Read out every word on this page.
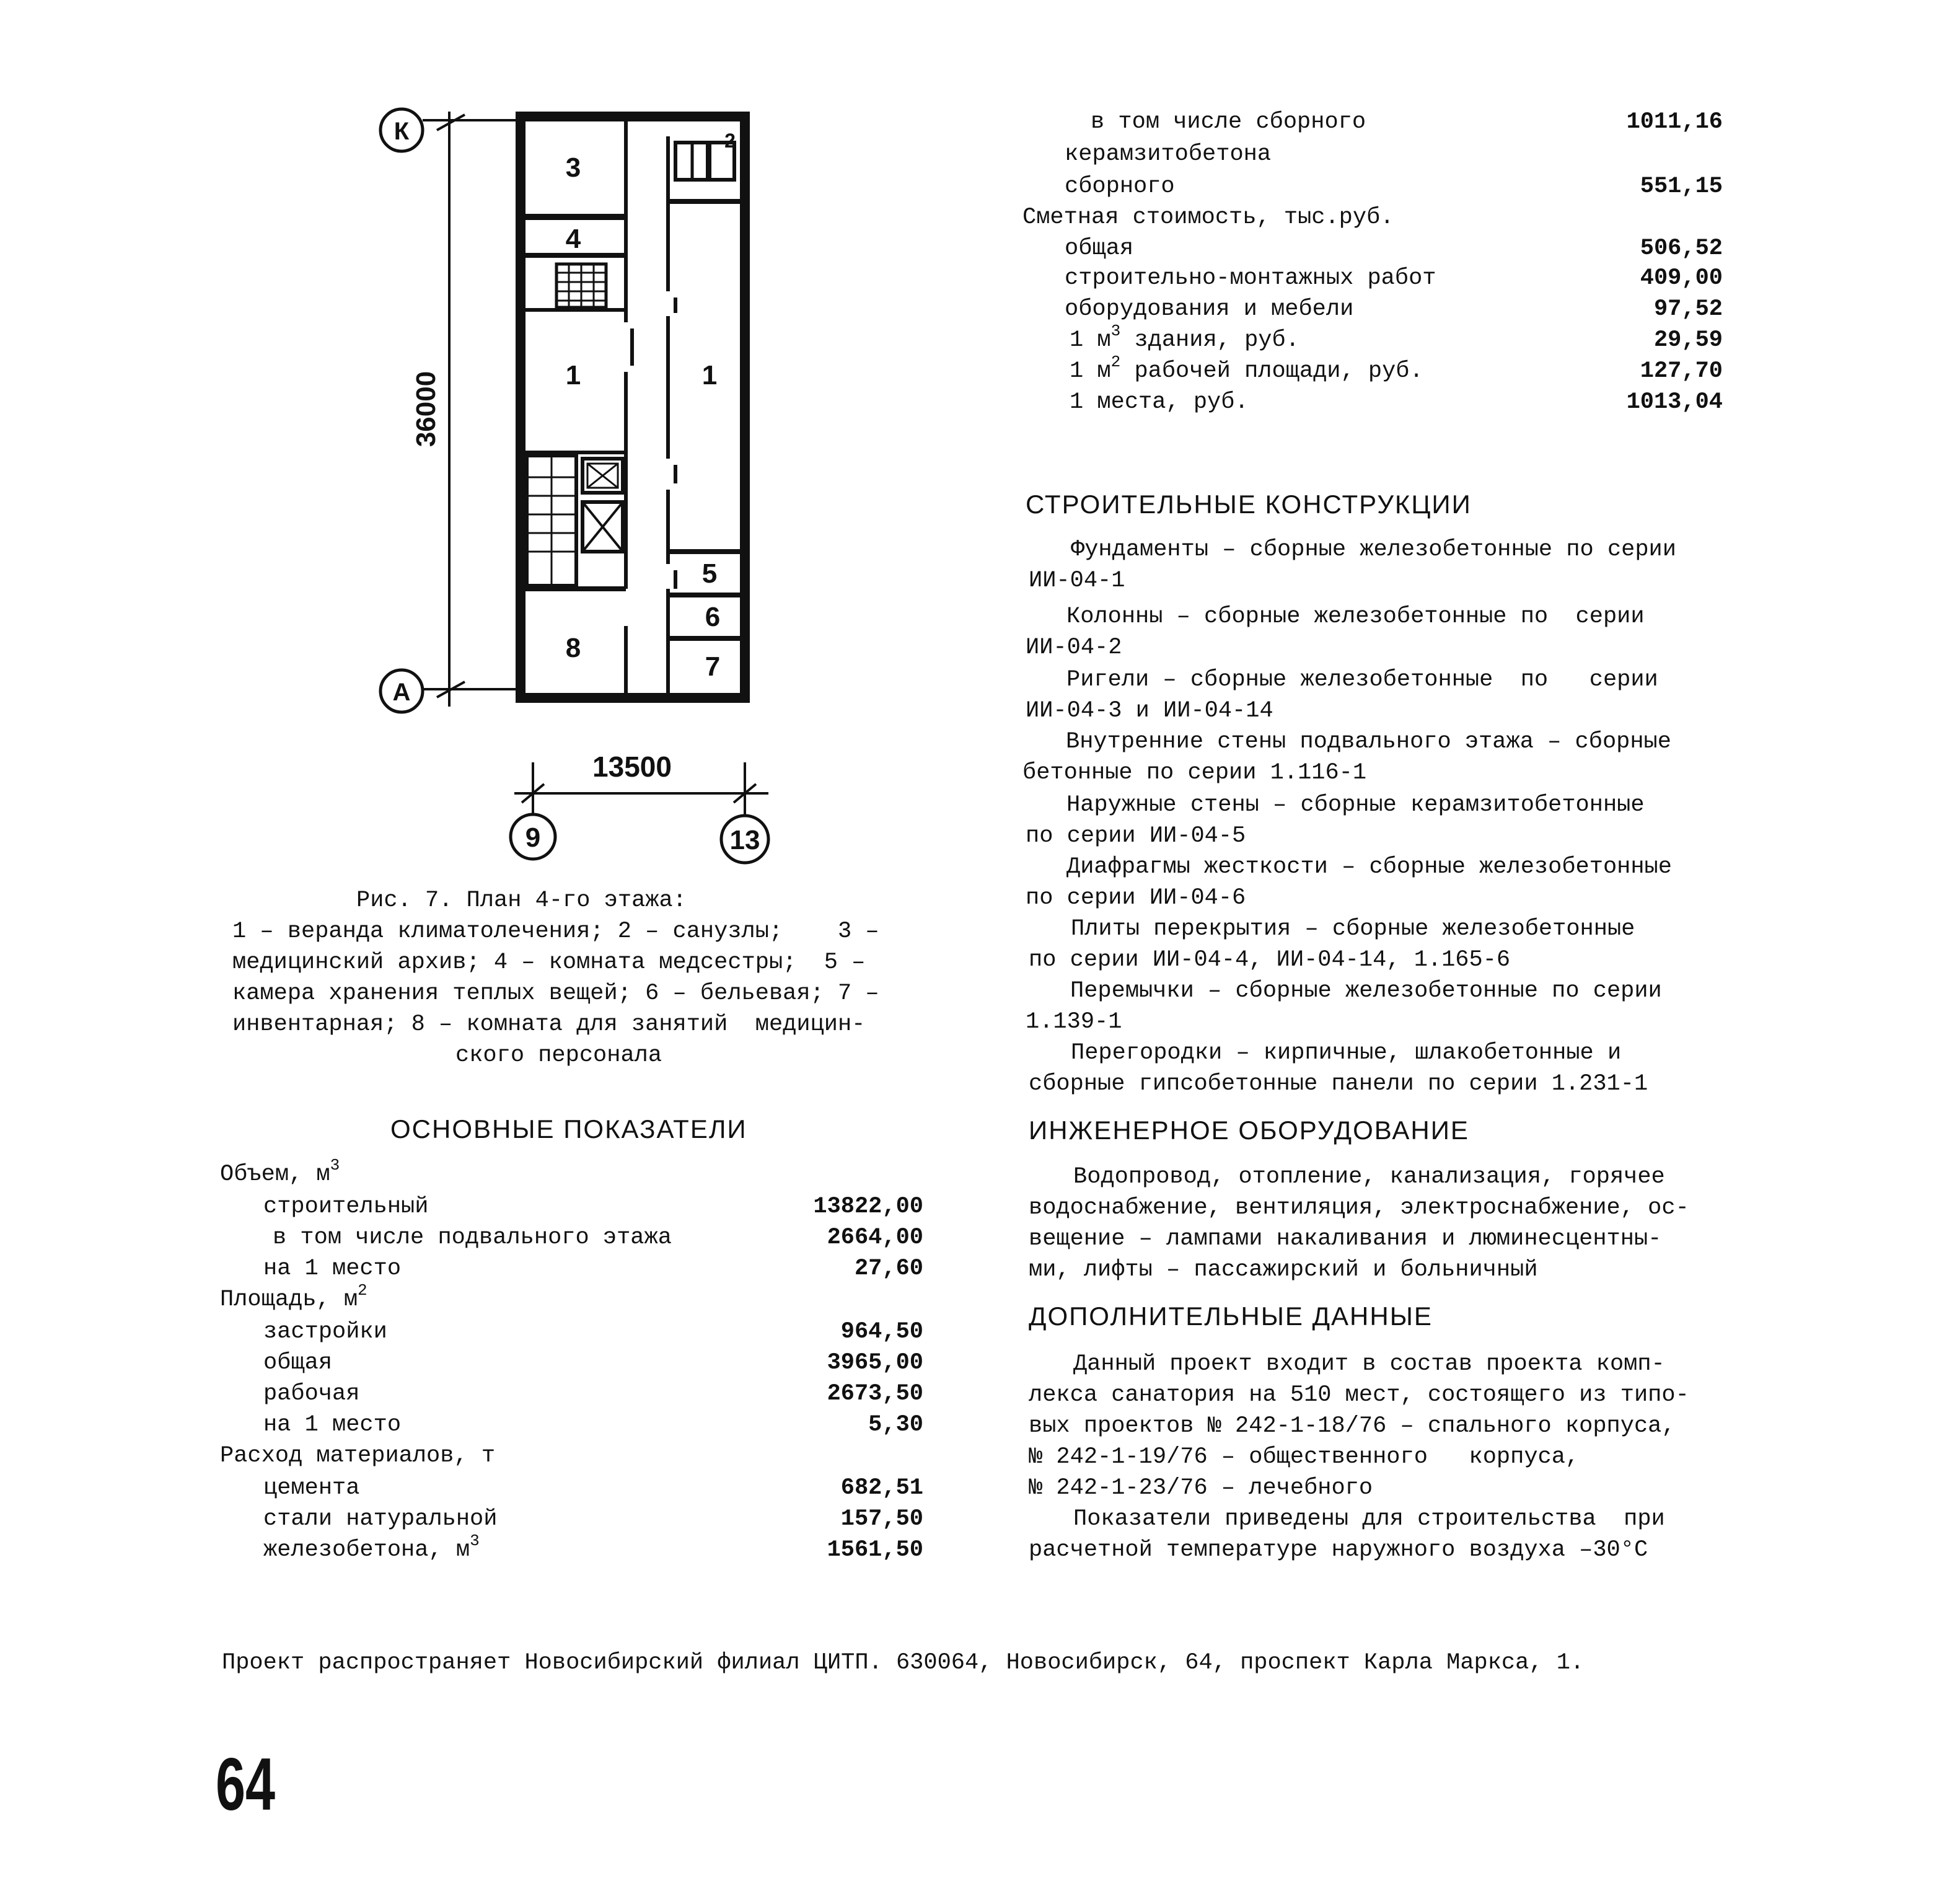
К
А
9	13
36000
13500
3
4
1	1
8
5
6
7
2
Рис. 7. План 4-го этажа:
1 – веранда климатолечения; 2 – санузлы;    3 –
медицинский архив; 4 – комната медсестры;  5 –
камера хранения теплых вещей; 6 – бельевая; 7 –
инвентарная; 8 – комната для занятий  медицин-
ского персонала
ОСНОВНЫЕ ПОКАЗАТЕЛИ
Объем, $м^3$
строительный	13822,00
в том числе подвального этажа	2664,00
на 1 место	27,60
Площадь, $м^2$
застройки	964,50
общая	3965,00
рабочая	2673,50
на 1 место	5,30
Расход материалов, т
цемента	682,51
стали натуральной	157,50
железобетона, $м^3$	1561,50
в том числе сборного	1011,16
керамзитобетона
сборного	551,15
Сметная стоимость, тыс.руб.
общая	506,52
строительно-монтажных работ	409,00
оборудования и мебели	97,52
1 $м^3$ здания, руб.	29,59
1 $м^2$ рабочей площади, руб.	127,70
1 места, руб.	1013,04
СТРОИТЕЛЬНЫЕ КОНСТРУКЦИИ
Фундаменты – сборные железобетонные по серии
ИИ-04-1
Колонны – сборные железобетонные по  серии
ИИ-04-2
Ригели – сборные железобетонные  по   серии
ИИ-04-3 и ИИ-04-14
Внутренние стены подвального этажа – сборные
бетонные по серии 1.116-1
Наружные стены – сборные керамзитобетонные
по серии ИИ-04-5
Диафрагмы жесткости – сборные железобетонные
по серии ИИ-04-6
Плиты перекрытия – сборные железобетонные
по серии ИИ-04-4, ИИ-04-14, 1.165-6
Перемычки – сборные железобетонные по серии
1.139-1
Перегородки – кирпичные, шлакобетонные и
сборные гипсобетонные панели по серии 1.231-1
ИНЖЕНЕРНОЕ ОБОРУДОВАНИЕ
Водопровод, отопление, канализация, горячее
водоснабжение, вентиляция, электроснабжение, ос-
вещение – лампами накаливания и люминесцентны-
ми, лифты – пассажирский и больничный
ДОПОЛНИТЕЛЬНЫЕ ДАННЫЕ
Данный проект входит в состав проекта комп-
лекса санатория на 510 мест, состоящего из типо-
вых проектов № 242-1-18/76 – спального корпуса,
№ 242-1-19/76 – общественного   корпуса,
№ 242-1-23/76 – лечебного
Показатели приведены для строительства  при
расчетной температуре наружного воздуха –30°С
Проект распространяет Новосибирский филиал ЦИТП. 630064, Новосибирск, 64, проспект Карла Маркса, 1.
64
